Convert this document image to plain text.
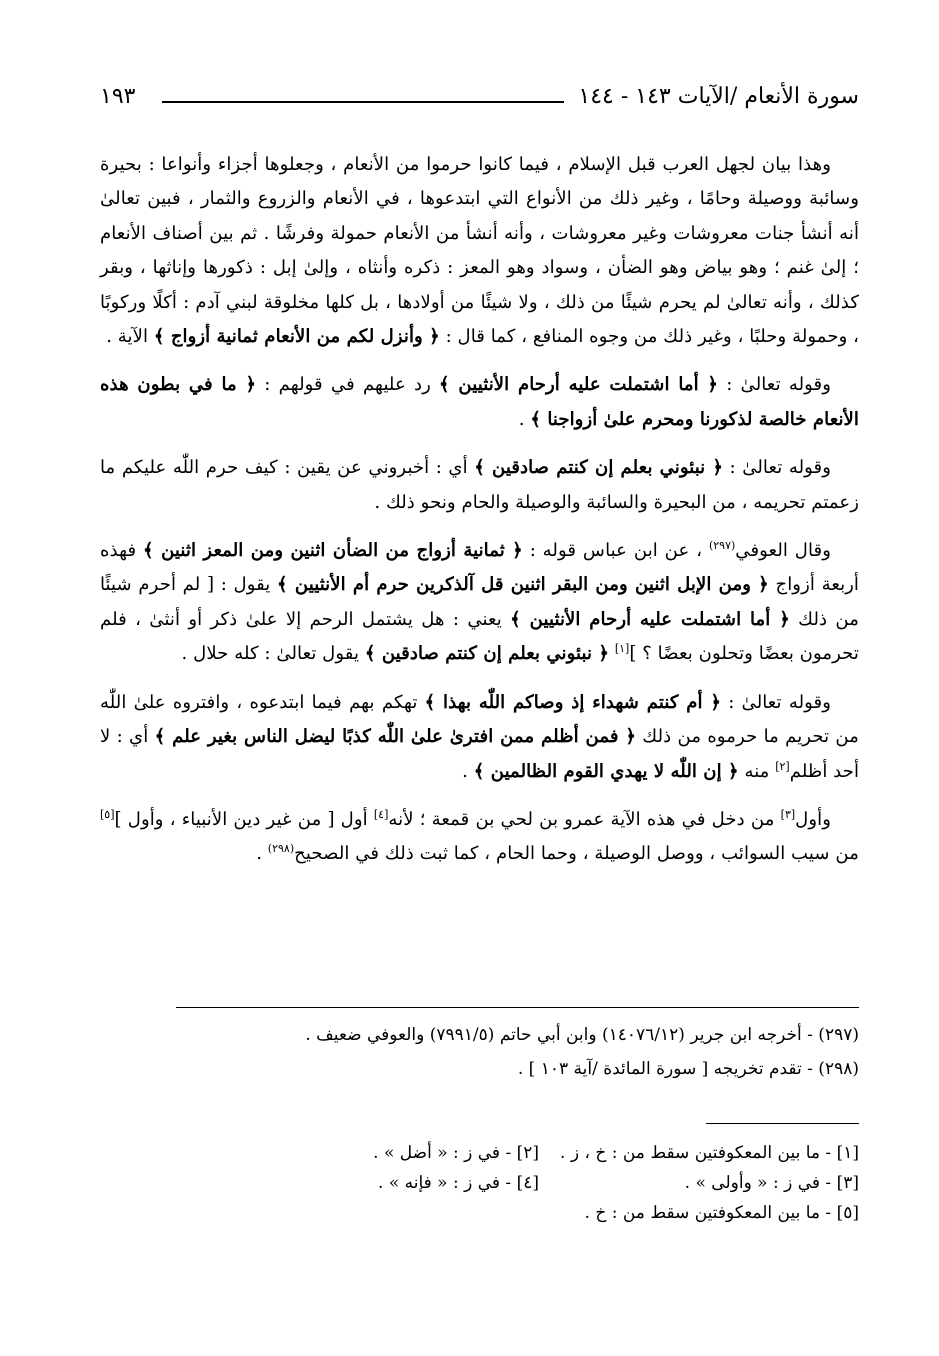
سورة الأنعام /الآيات ١٤٣ - ١٤٤
١٩٣

وهذا بيان لجهل العرب قبل الإسلام ، فيما كانوا حرموا من الأنعام ، وجعلوها أجزاء وأنواعا : بحيرة وسائبة ووصيلة وحامًا ، وغير ذلك من الأنواع التي ابتدعوها ، في الأنعام والزروع والثمار ، فبين تعالىٰ أنه أنشأ جنات معروشات وغير معروشات ، وأنه أنشأ من الأنعام حمولة وفرشًا . ثم بين أصناف الأنعام ؛ إلىٰ غنم ؛ وهو بياض وهو الضأن ، وسواد وهو المعز : ذكره وأنثاه ، وإلىٰ إبل : ذكورها وإناثها ، وبقر كذلك ، وأنه تعالىٰ لم يحرم شيئًا من ذلك ، ولا شيئًا من أولادها ، بل كلها مخلوقة لبني آدم : أكلًا وركوبًا ، وحمولة وحلبًا ، وغير ذلك من وجوه المنافع ، كما قال : ﴿ وأنزل لكم من الأنعام ثمانية أزواج ﴾ الآية .

وقوله تعالىٰ : ﴿ أما اشتملت عليه أرحام الأنثيين ﴾ رد عليهم في قولهم : ﴿ ما في بطون هذه الأنعام خالصة لذكورنا ومحرم علىٰ أزواجنا ﴾ .

وقوله تعالىٰ : ﴿ نبئوني بعلم إن كنتم صادقين ﴾ أي : أخبروني عن يقين : كيف حرم اللّٰه عليكم ما زعمتم تحريمه ، من البحيرة والسائبة والوصيلة والحام ونحو ذلك .

وقال العوفي$^{(٢٩٧)}$ ، عن ابن عباس قوله : ﴿ ثمانية أزواج من الضأن اثنين ومن المعز اثنين ﴾ فهذه أربعة أزواج ﴿ ومن الإبل اثنين ومن البقر اثنين قل آلذكرين حرم أم الأنثيين ﴾ يقول : [ لم أحرم شيئًا من ذلك ﴿ أما اشتملت عليه أرحام الأنثيين ﴾ يعني : هل يشتمل الرحم إلا علىٰ ذكر أو أنثىٰ ، فلم تحرمون بعضًا وتحلون بعضًا ؟ ][١] ﴿ نبئوني بعلم إن كنتم صادقين ﴾ يقول تعالىٰ : كله حلال .

وقوله تعالىٰ : ﴿ أم كنتم شهداء إذ وصاكم اللّٰه بهذا ﴾ تهكم بهم فيما ابتدعوه ، وافتروه علىٰ اللّٰه من تحريم ما حرموه من ذلك ﴿ فمن أظلم ممن افترىٰ علىٰ اللّٰه كذبًا ليضل الناس بغير علم ﴾ أي : لا أحد أظلم[٢] منه ﴿ إن اللّٰه لا يهدي القوم الظالمين ﴾ .

وأول[٣] من دخل في هذه الآية عمرو بن لحي بن قمعة ؛ لأنه[٤] أول [ من غير دين الأنبياء ، وأول ][٥] من سيب السوائب ، ووصل الوصيلة ، وحما الحام ، كما ثبت ذلك في الصحيح$^{(٢٩٨)}$ .

(٢٩٧) - أخرجه ابن جرير (١٤٠٧٦/١٢) وابن أبي حاتم (٧٩٩١/٥) والعوفي ضعيف .

(٢٩٨) - تقدم تخريجه [ سورة المائدة /آية ١٠٣ ] .

[١] - ما بين المعكوفتين سقط من : خ ، ز .[٢] - في ز : « أضل » .

[٣] - في ز : « وأولى » .[٤] - في ز : « فإنه » .

[٥] - ما بين المعكوفتين سقط من : خ .
